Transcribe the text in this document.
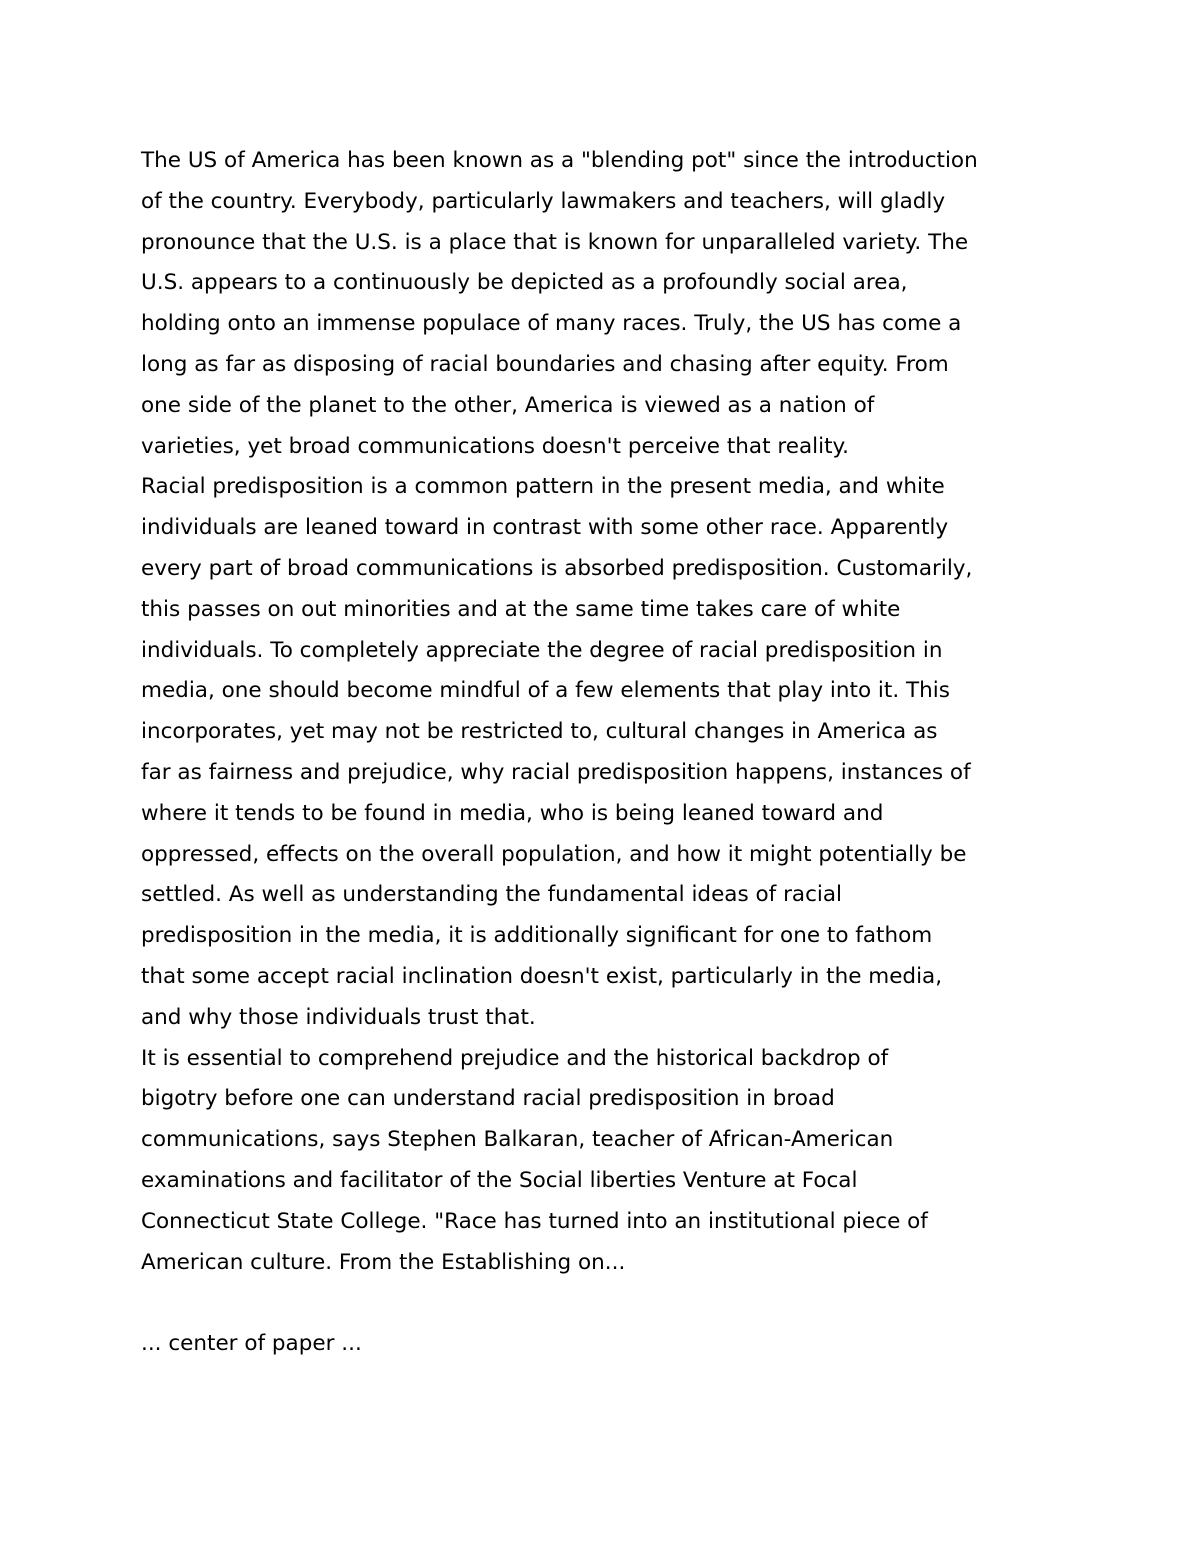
The US of America has been known as a "blending pot" since the introduction
of the country. Everybody, particularly lawmakers and teachers, will gladly
pronounce that the U.S. is a place that is known for unparalleled variety. The
U.S. appears to a continuously be depicted as a profoundly social area,
holding onto an immense populace of many races. Truly, the US has come a
long as far as disposing of racial boundaries and chasing after equity. From
one side of the planet to the other, America is viewed as a nation of
varieties, yet broad communications doesn't perceive that reality.
Racial predisposition is a common pattern in the present media, and white
individuals are leaned toward in contrast with some other race. Apparently
every part of broad communications is absorbed predisposition. Customarily,
this passes on out minorities and at the same time takes care of white
individuals. To completely appreciate the degree of racial predisposition in
media, one should become mindful of a few elements that play into it. This
incorporates, yet may not be restricted to, cultural changes in America as
far as fairness and prejudice, why racial predisposition happens, instances of
where it tends to be found in media, who is being leaned toward and
oppressed, effects on the overall population, and how it might potentially be
settled. As well as understanding the fundamental ideas of racial
predisposition in the media, it is additionally significant for one to fathom
that some accept racial inclination doesn't exist, particularly in the media,
and why those individuals trust that.
It is essential to comprehend prejudice and the historical backdrop of
bigotry before one can understand racial predisposition in broad
communications, says Stephen Balkaran, teacher of African-American
examinations and facilitator of the Social liberties Venture at Focal
Connecticut State College. "Race has turned into an institutional piece of
American culture. From the Establishing on...
... center of paper ...
